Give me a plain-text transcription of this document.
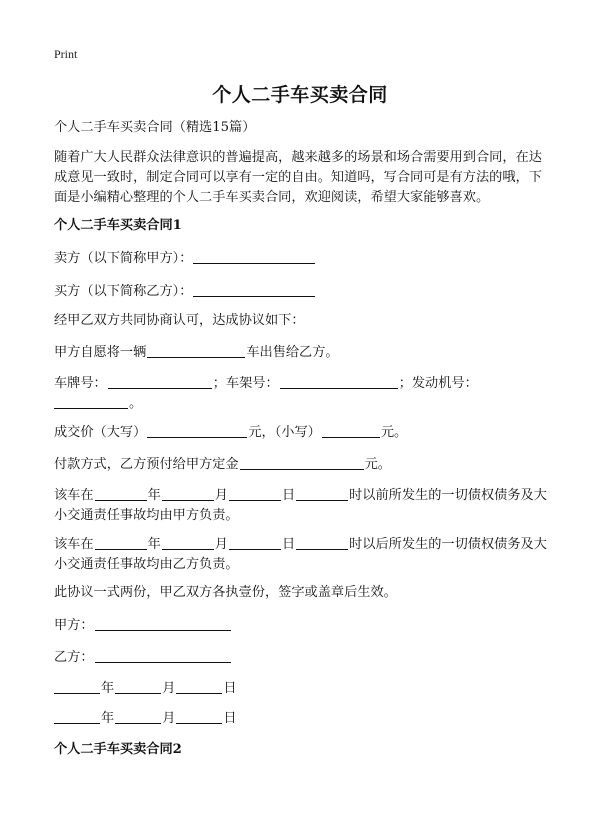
Print
个人二手车买卖合同
个人二手车买卖合同（精选15篇）
随着广大人民群众法律意识的普遍提高，越来越多的场景和场合需要用到合同，在达成意见一致时，制定合同可以享有一定的自由。知道吗，写合同可是有方法的哦，下面是小编精心整理的个人二手车买卖合同，欢迎阅读，希望大家能够喜欢。
个人二手车买卖合同1
卖方（以下简称甲方）：
买方（以下简称乙方）：
经甲乙双方共同协商认可，达成协议如下：
甲方自愿将一辆	车出售给乙方。
车牌号：	；车架号：	；发动机号：
。
成交价（大写）	元，（小写）	元。
付款方式，乙方预付给甲方定金	元。
该车在	年	月	日	时以前所发生的一切债权债务及大小交通责任事故均由甲方负责。
该车在	年	月	日	时以后所发生的一切债权债务及大小交通责任事故均由乙方负责。
此协议一式两份，甲乙双方各执壹份，签字或盖章后生效。
甲方：
乙方：
年	月	日
年	月	日
个人二手车买卖合同2
